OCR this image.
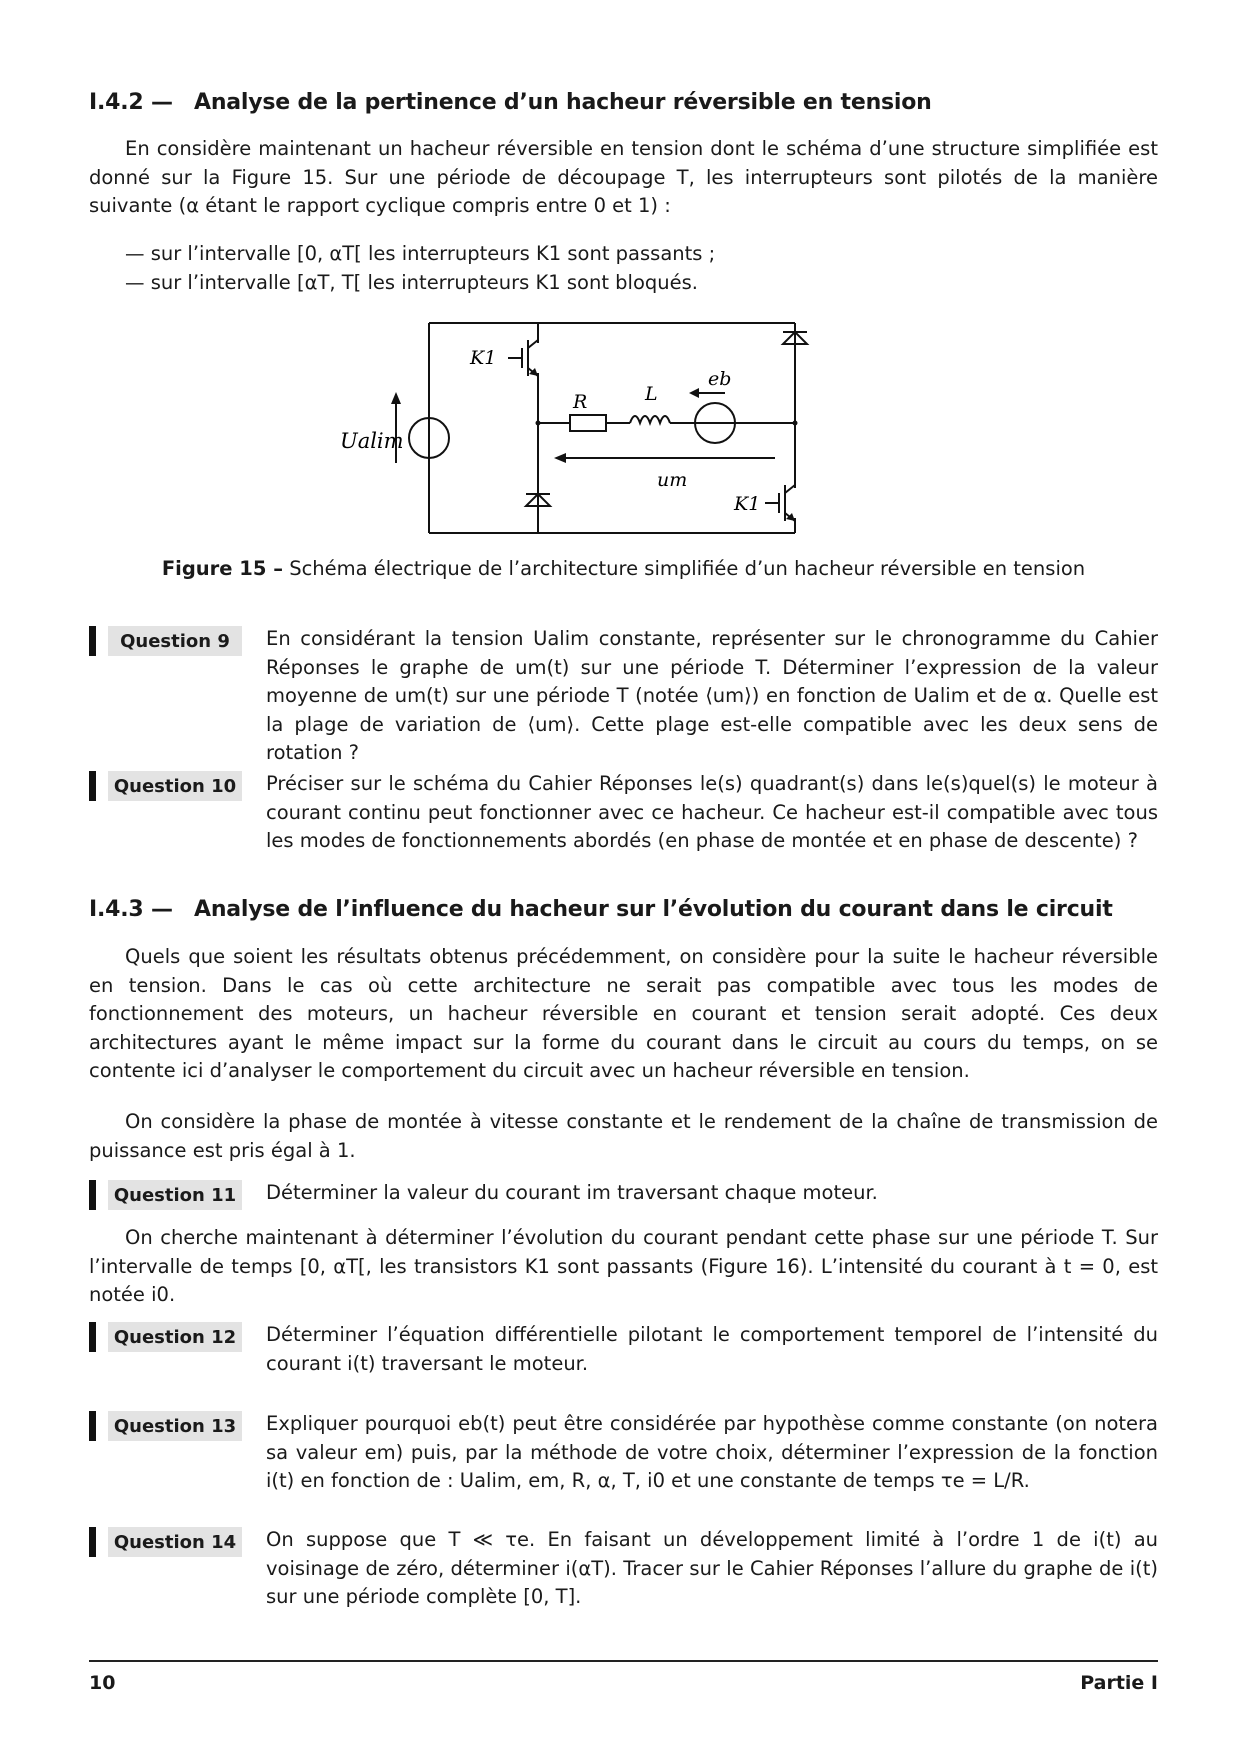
I.4.2 — Analyse de la pertinence d’un hacheur réversible en tension
En considère maintenant un hacheur réversible en tension dont le schéma d’une structure simplifiée est donné sur la Figure 15. Sur une période de découpage T, les interrupteurs sont pilotés de la manière suivante (α étant le rapport cyclique compris entre 0 et 1) :
— sur l’intervalle [0, αT[ les interrupteurs K1 sont passants ;
— sur l’intervalle [αT, T[ les interrupteurs K1 sont bloqués.
K1
R	L
eb
um
K1
Ualim
Figure 15 – Schéma électrique de l’architecture simplifiée d’un hacheur réversible en tension
Question 9	En considérant la tension Ualim constante, représenter sur le chronogramme du Cahier Réponses le graphe de um(t) sur une période T. Déterminer l’expression de la valeur moyenne de um(t) sur une période T (notée ⟨um⟩) en fonction de Ualim et de α. Quelle est la plage de variation de ⟨um⟩. Cette plage est-elle compatible avec les deux sens de rotation ?
Question 10 Préciser sur le schéma du Cahier Réponses le(s) quadrant(s) dans le(s)quel(s) le moteur à courant continu peut fonctionner avec ce hacheur. Ce hacheur est-il compatible avec tous les modes de fonctionnements abordés (en phase de montée et en phase de descente) ?
I.4.3 — Analyse de l’influence du hacheur sur l’évolution du courant dans le circuit
Quels que soient les résultats obtenus précédemment, on considère pour la suite le hacheur réversible en tension. Dans le cas où cette architecture ne serait pas compatible avec tous les modes de fonctionnement des moteurs, un hacheur réversible en courant et tension serait adopté. Ces deux architectures ayant le même impact sur la forme du courant dans le circuit au cours du temps, on se contente ici d’analyser le comportement du circuit avec un hacheur réversible en tension.
On considère la phase de montée à vitesse constante et le rendement de la chaîne de transmission de puissance est pris égal à 1.
Question 11 Déterminer la valeur du courant im traversant chaque moteur.
On cherche maintenant à déterminer l’évolution du courant pendant cette phase sur une période T. Sur l’intervalle de temps [0, αT[, les transistors K1 sont passants (Figure 16). L’intensité du courant à t = 0, est notée i0.
Question 12 Déterminer l’équation différentielle pilotant le comportement temporel de l’intensité du courant i(t) traversant le moteur.
Question 13 Expliquer pourquoi eb(t) peut être considérée par hypothèse comme constante (on notera sa valeur em) puis, par la méthode de votre choix, déterminer l’expression de la fonction i(t) en fonction de : Ualim, em, R, α, T, i0 et une constante de temps τe = L/R.
Question 14 On suppose que T ≪ τe. En faisant un développement limité à l’ordre 1 de i(t) au voisinage de zéro, déterminer i(αT). Tracer sur le Cahier Réponses l’allure du graphe de i(t) sur une période complète [0, T].
10	Partie I
